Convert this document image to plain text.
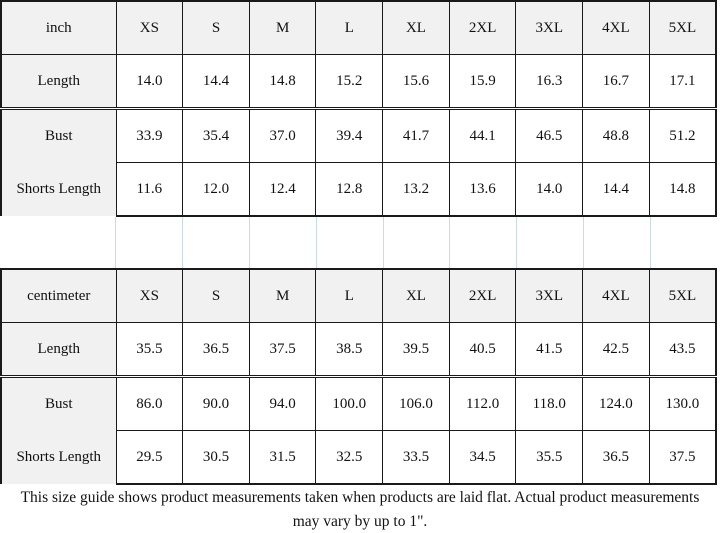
inch	XS	S	M	L	XL	2XL	3XL	4XL	5XL
Length	14.0	14.4	14.8	15.2	15.6	15.9	16.3	16.7	17.1
Bust	33.9	35.4	37.0	39.4	41.7	44.1	46.5	48.8	51.2
Shorts Length	11.6	12.0	12.4	12.8	13.2	13.6	14.0	14.4	14.8
centimeter	XS	S	M	L	XL	2XL	3XL	4XL	5XL
Length	35.5	36.5	37.5	38.5	39.5	40.5	41.5	42.5	43.5
Bust	86.0	90.0	94.0	100.0	106.0	112.0	118.0	124.0	130.0
Shorts Length	29.5	30.5	31.5	32.5	33.5	34.5	35.5	36.5	37.5
This size guide shows product measurements taken when products are laid flat. Actual product measurements
may vary by up to 1".
